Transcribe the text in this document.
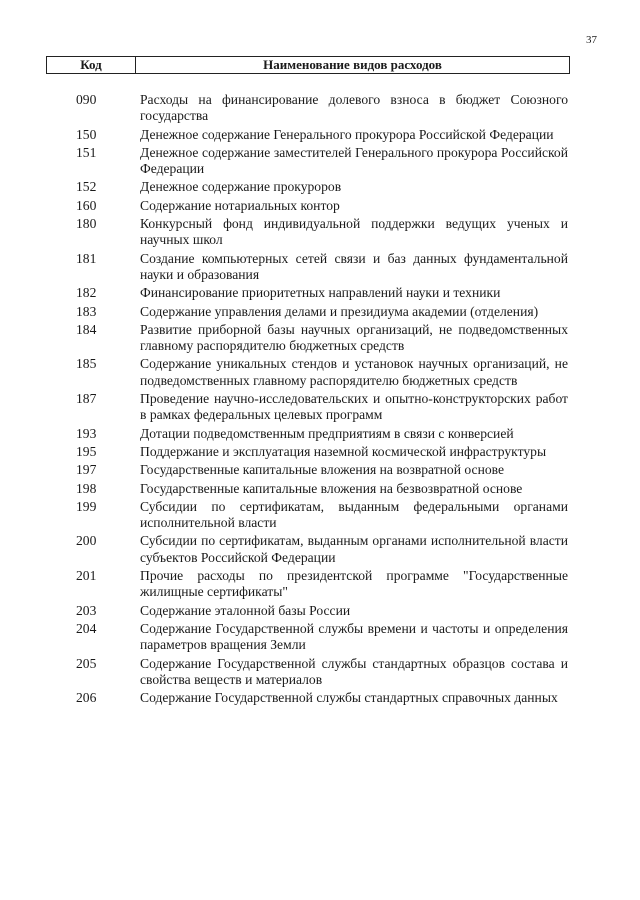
37
Код	Наименование видов расходов
090	Расходы на финансирование долевого взноса в бюджет Союзного государства
150	Денежное содержание Генерального прокурора Российской Федерации
151	Денежное содержание заместителей Генерального прокурора Российской Федерации
152	Денежное содержание прокуроров
160	Содержание нотариальных контор
180	Конкурсный фонд индивидуальной поддержки ведущих ученых и научных школ
181	Создание компьютерных сетей связи и баз данных фундаментальной науки и образования
182	Финансирование приоритетных направлений науки и техники
183	Содержание управления делами и президиума академии (отделения)
184	Развитие приборной базы научных организаций, не подведомственных главному распорядителю бюджетных средств
185	Содержание уникальных стендов и установок научных организаций, не подведомственных главному распорядителю бюджетных средств
187	Проведение научно-исследовательских и опытно-конструкторских работ в рамках федеральных целевых программ
193	Дотации подведомственным предприятиям в связи с конверсией
195	Поддержание и эксплуатация наземной космической инфраструктуры
197	Государственные капитальные вложения на возвратной основе
198	Государственные капитальные вложения на безвозвратной основе
199	Субсидии по сертификатам, выданным федеральными органами исполнительной власти
200	Субсидии по сертификатам, выданным органами исполнительной власти субъектов Российской Федерации
201	Прочие расходы по президентской программе "Государственные жилищные сертификаты"
203	Содержание эталонной базы России
204	Содержание Государственной службы времени и частоты и определения параметров вращения Земли
205	Содержание Государственной службы стандартных образцов состава и свойства веществ и материалов
206	Содержание Государственной службы стандартных справочных данных
